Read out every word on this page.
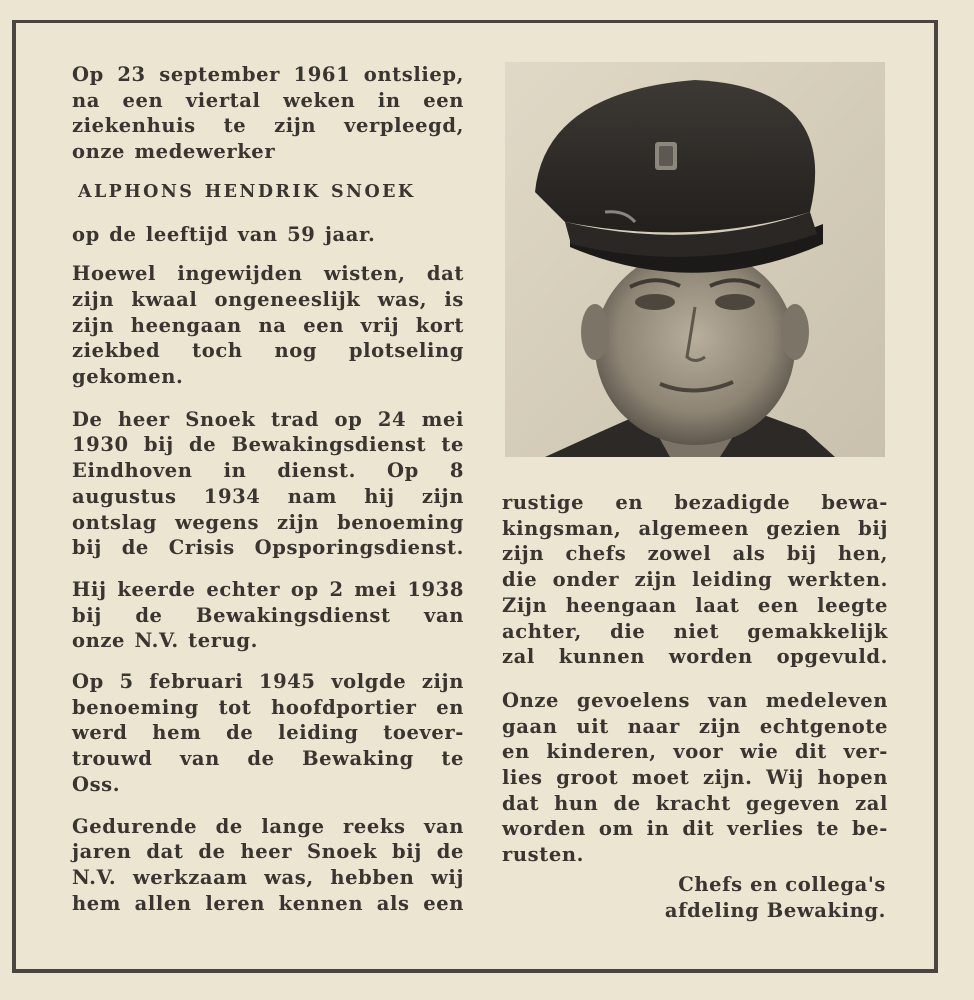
Op 23 september 1961 ontsliep,
na een viertal weken in een
ziekenhuis te zijn verpleegd,
onze medewerker

ALPHONS HENDRIK SNOEK

op de leeftijd van 59 jaar.

Hoewel ingewijden wisten, dat
zijn kwaal ongeneeslijk was, is
zijn heengaan na een vrij kort
ziekbed toch nog plotseling
gekomen.

De heer Snoek trad op 24 mei
1930 bij de Bewakingsdienst te
Eindhoven in dienst. Op 8
augustus 1934 nam hij zijn
ontslag wegens zijn benoeming
bij de Crisis Opsporingsdienst.

Hij keerde echter op 2 mei 1938
bij de Bewakingsdienst van
onze N.V. terug.

Op 5 februari 1945 volgde zijn
benoeming tot hoofdportier en
werd hem de leiding toever-
trouwd van de Bewaking te
Oss.

Gedurende de lange reeks van
jaren dat de heer Snoek bij de
N.V. werkzaam was, hebben wij
hem allen leren kennen als een

rustige en bezadigde bewa-
kingsman, algemeen gezien bij
zijn chefs zowel als bij hen,
die onder zijn leiding werkten.
Zijn heengaan laat een leegte
achter, die niet gemakkelijk
zal kunnen worden opgevuld.

Onze gevoelens van medeleven
gaan uit naar zijn echtgenote
en kinderen, voor wie dit ver-
lies groot moet zijn. Wij hopen
dat hun de kracht gegeven zal
worden om in dit verlies te be-
rusten.

Chefs en collega's
afdeling Bewaking.
